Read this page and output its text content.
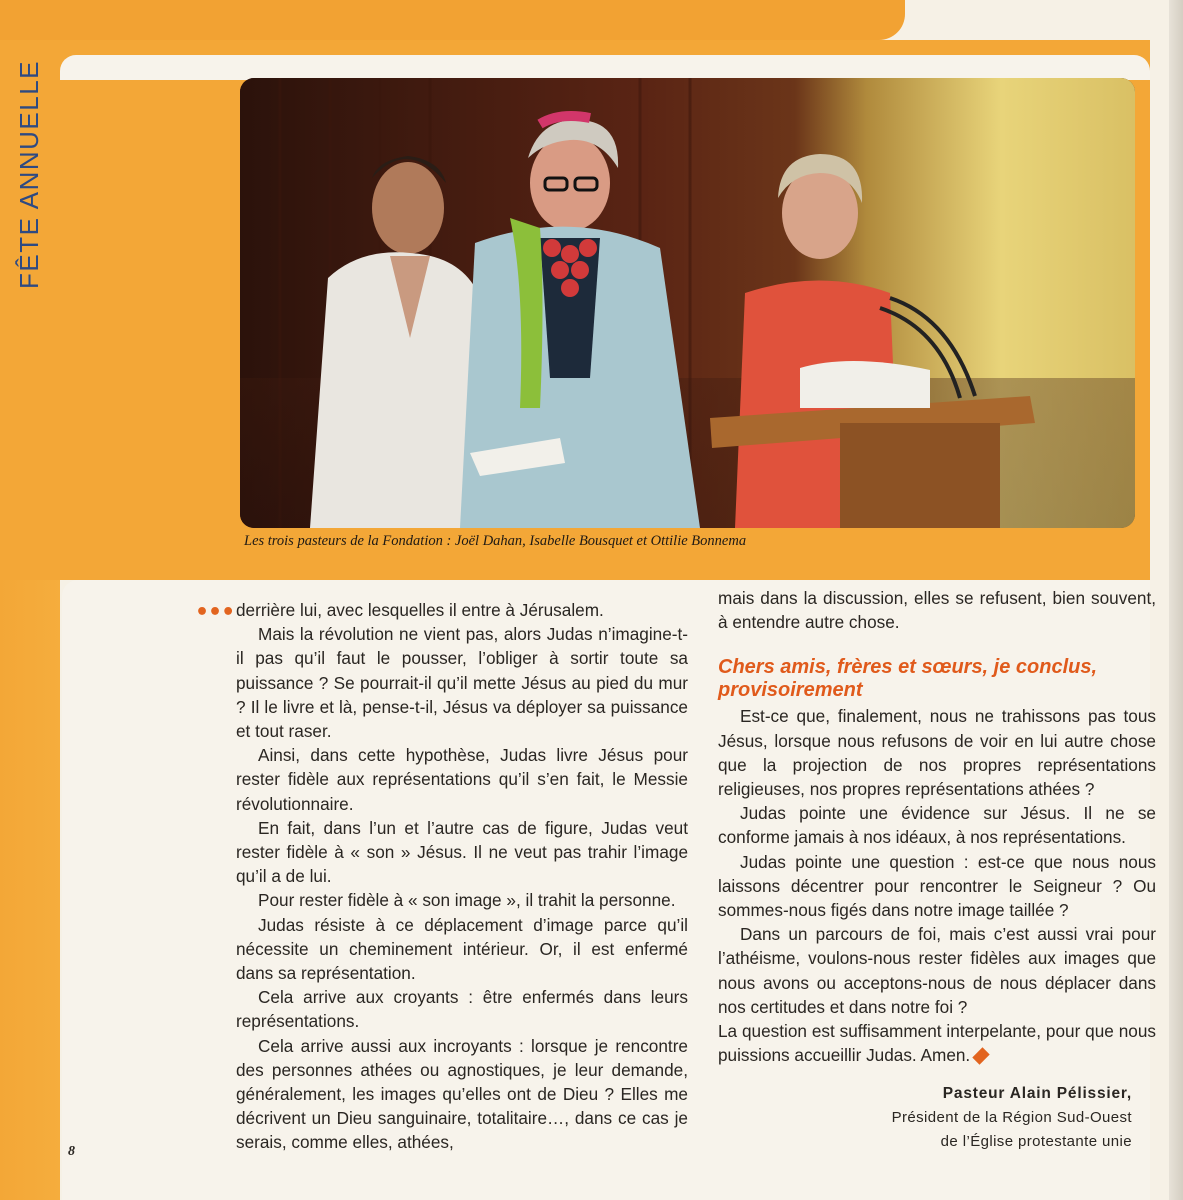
FÊTE ANNUELLE
Les trois pasteurs de la Fondation : Joël Dahan, Isabelle Bousquet et Ottilie Bonnema
••• derrière lui, avec lesquelles il entre à Jérusalem.

Mais la révolution ne vient pas, alors Judas n’imagine-t-il pas qu’il faut le pousser, l’obliger à sortir toute sa puissance ? Se pourrait-il qu’il mette Jésus au pied du mur ? Il le livre et là, pense-t-il, Jésus va déployer sa puissance et tout raser.

Ainsi, dans cette hypothèse, Judas livre Jésus pour rester fidèle aux représentations qu’il s’en fait, le Messie révolutionnaire.

En fait, dans l’un et l’autre cas de figure, Judas veut rester fidèle à « son » Jésus. Il ne veut pas trahir l’image qu’il a de lui.

Pour rester fidèle à « son image », il trahit la personne.

Judas résiste à ce déplacement d’image parce qu’il nécessite un cheminement intérieur. Or, il est enfermé dans sa représentation.

Cela arrive aux croyants : être enfermés dans leurs représentations.

Cela arrive aussi aux incroyants : lorsque je rencontre des personnes athées ou agnostiques, je leur demande, généralement, les images qu’elles ont de Dieu ? Elles me décrivent un Dieu sanguinaire, totalitaire…, dans ce cas je serais, comme elles, athées,

mais dans la discussion, elles se refusent, bien souvent, à entendre autre chose.

Chers amis, frères et sœurs, je conclus, provisoirement

Est-ce que, finalement, nous ne trahissons pas tous Jésus, lorsque nous refusons de voir en lui autre chose que la projection de nos propres représentations religieuses, nos propres représentations athées ?

Judas pointe une évidence sur Jésus. Il ne se conforme jamais à nos idéaux, à nos représentations.

Judas pointe une question : est-ce que nous nous laissons décentrer pour rencontrer le Seigneur ? Ou sommes-nous figés dans notre image taillée ?

Dans un parcours de foi, mais c’est aussi vrai pour l’athéisme, voulons-nous rester fidèles aux images que nous avons ou acceptons-nous de nous déplacer dans nos certitudes et dans notre foi ?

La question est suffisamment interpelante, pour que nous puissions accueillir Judas. Amen.

Pasteur Alain Pélissier,
Président de la Région Sud-Ouest
de l’Église protestante unie
8
